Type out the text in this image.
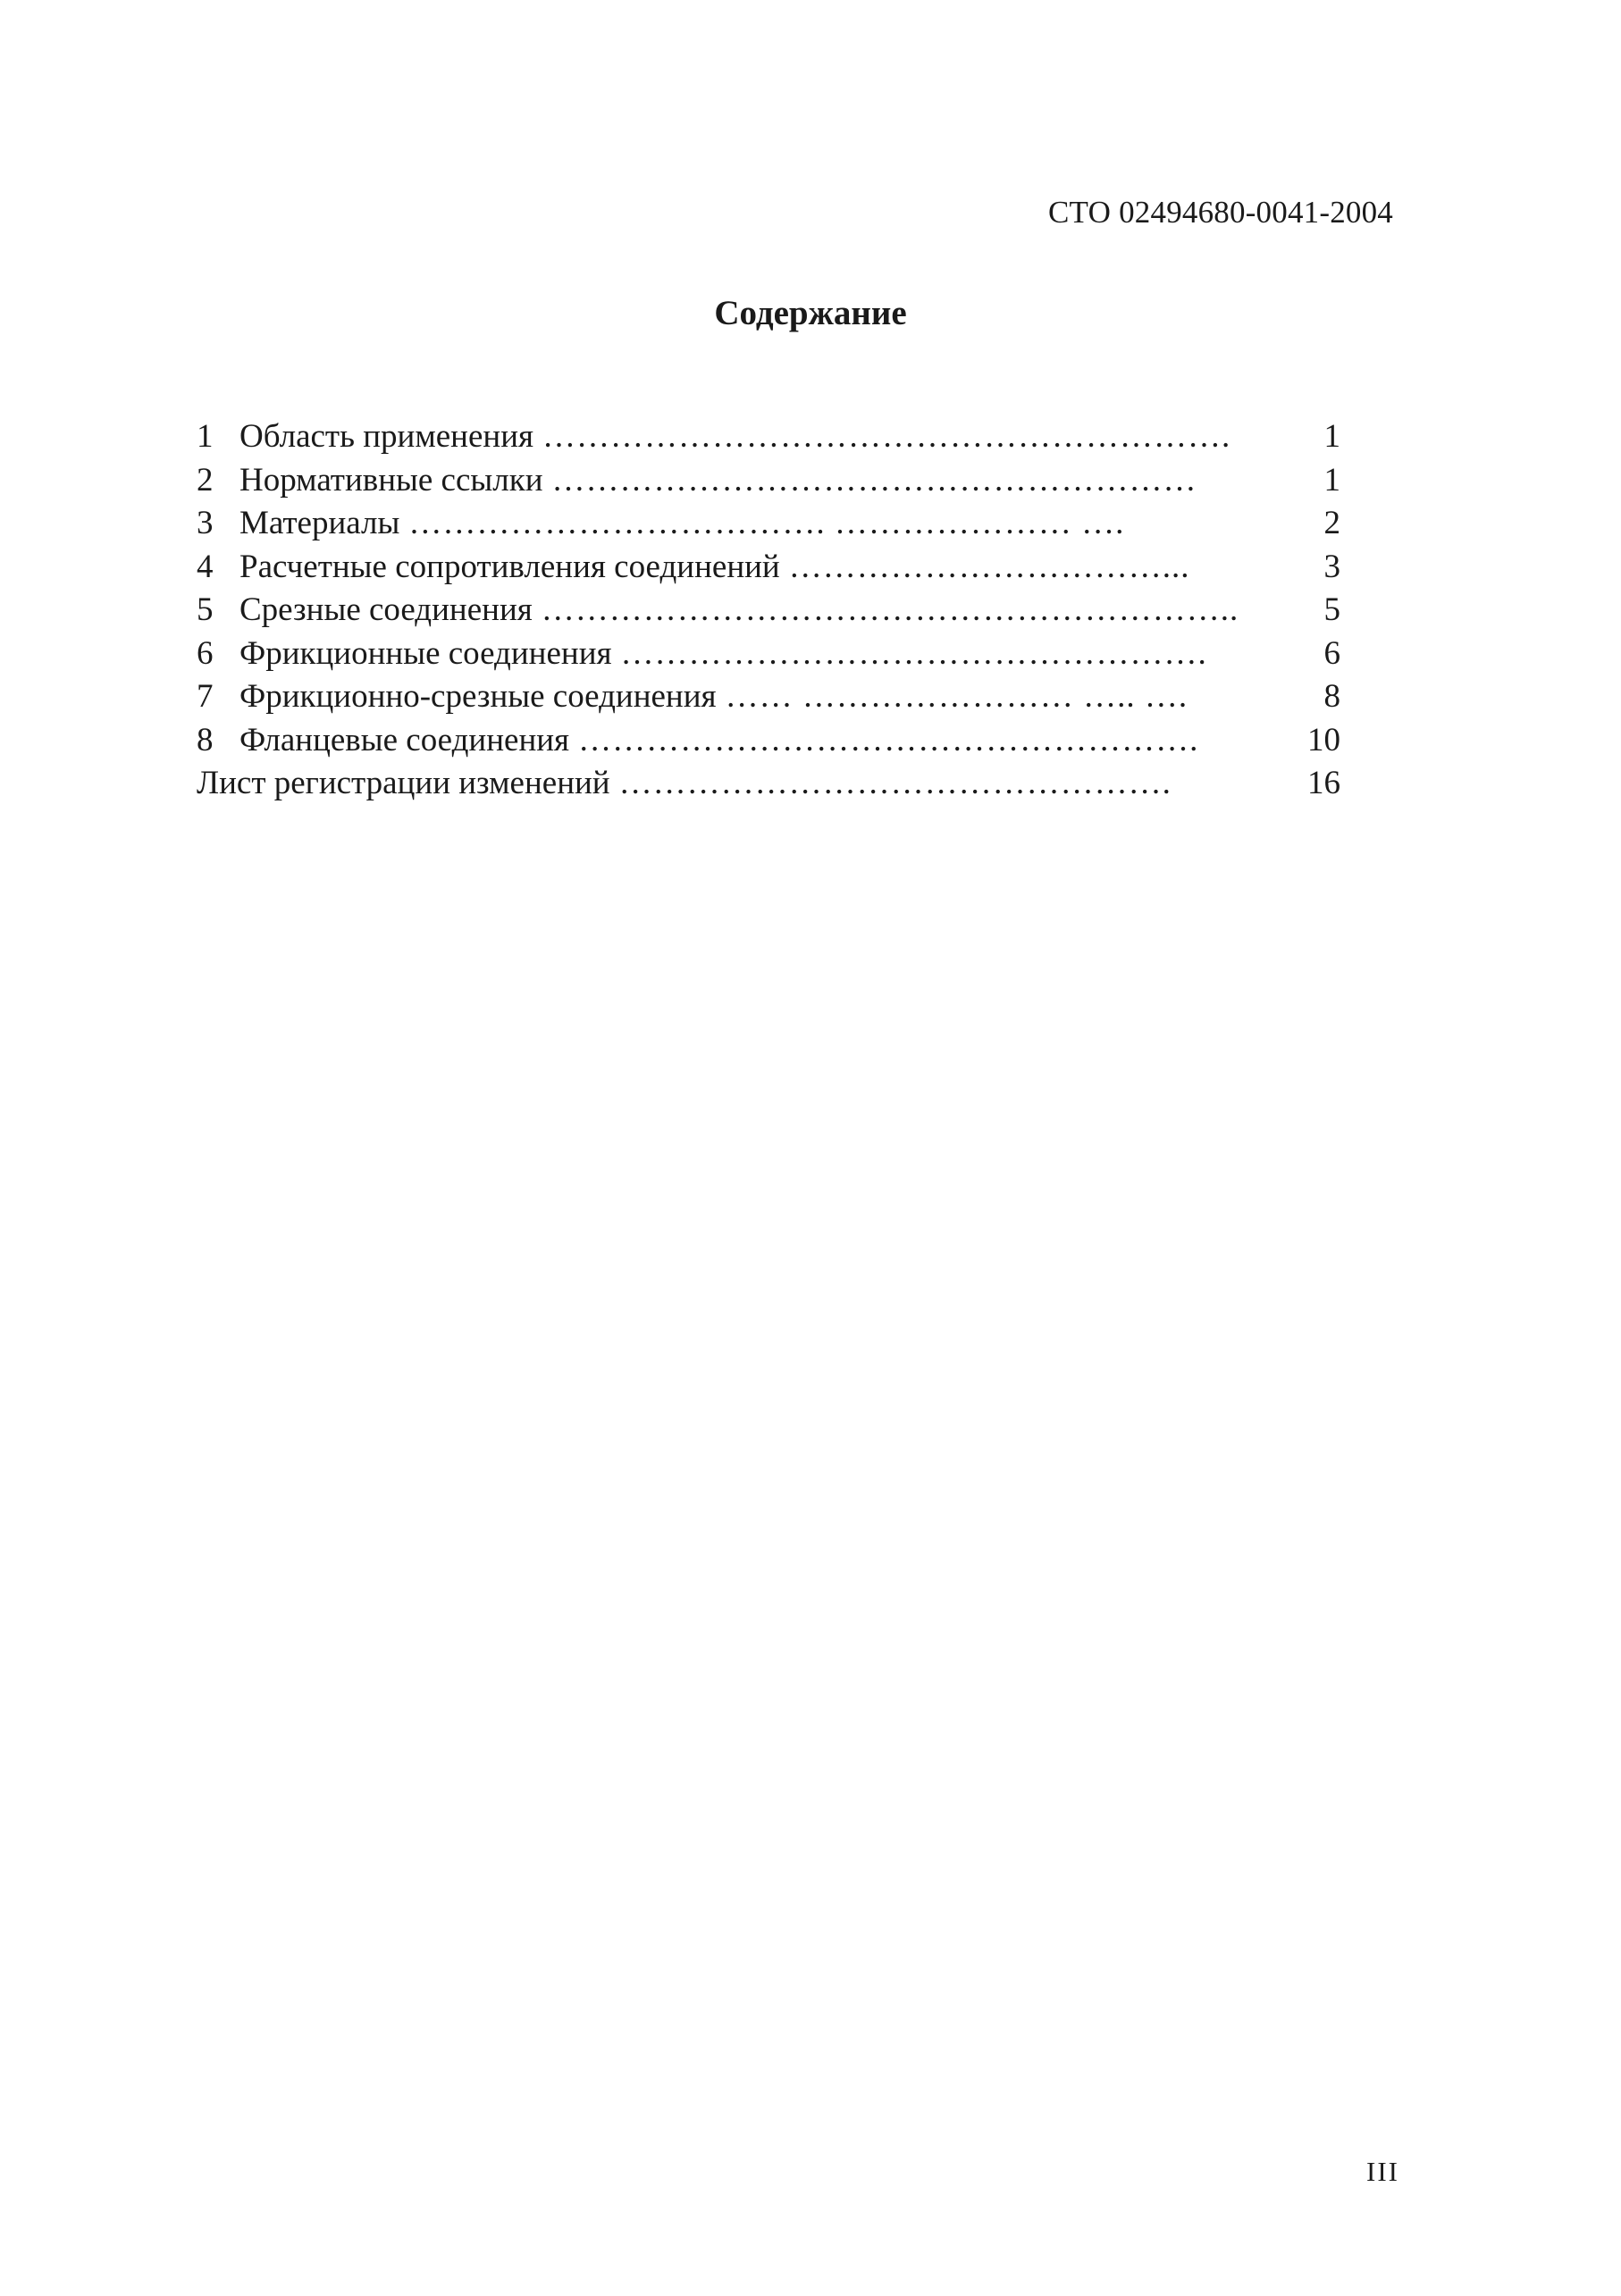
СТО 02494680-0041-2004
Содержание
1 Область применения …………………………………………………….	1
2 Нормативные ссылки …………………………………………………	1
3 Материалы ………………………………. ………………… ….	2
4 Расчетные сопротивления соединений ……………………………...	3
5 Срезные соединения ……………………………………………………..	5
6 Фрикционные соединения …………………………………………….	6
7 Фрикционно-срезные соединения …… …………………… ….. ….	8
8 Фланцевые соединения ……………………………………………….	10
Лист регистрации изменений ………………………………………….	16
III
